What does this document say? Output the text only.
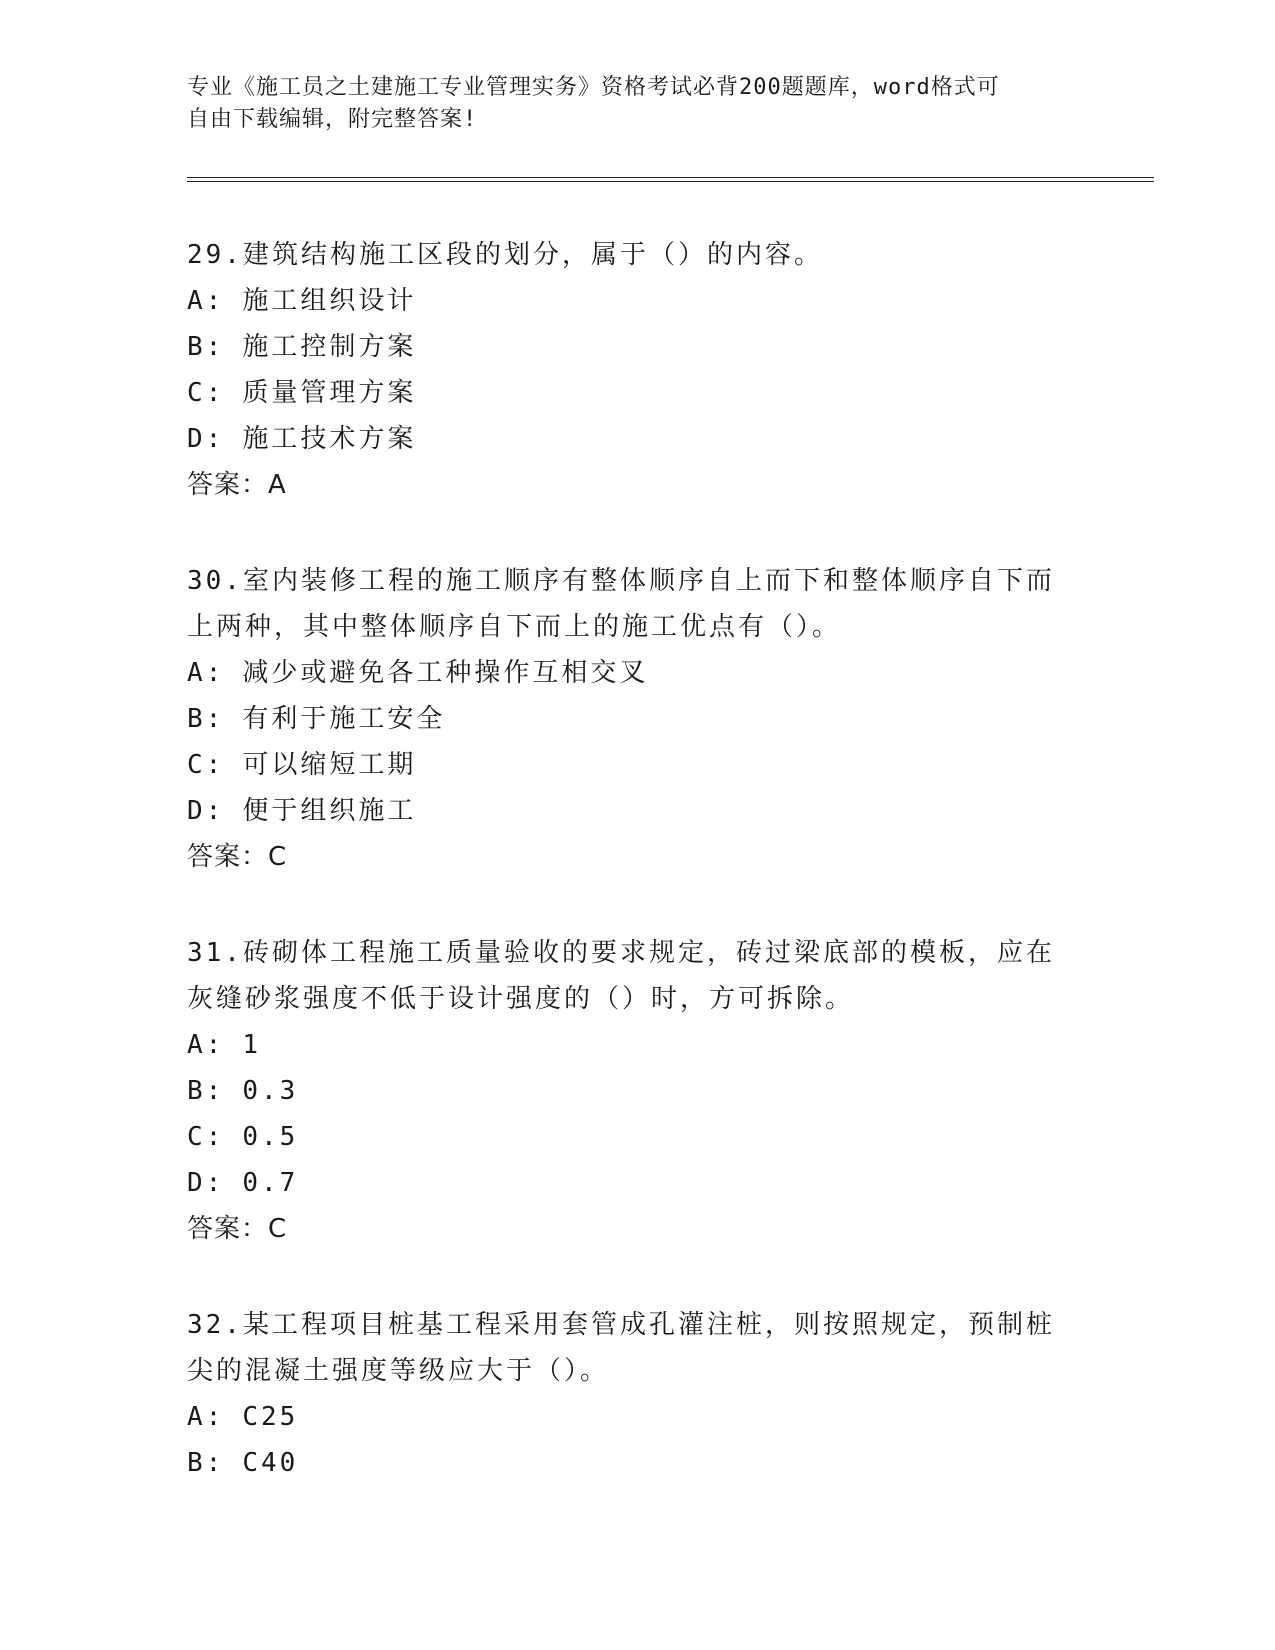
专业《施工员之土建施工专业管理实务》资格考试必背200题题库，word格式可
自由下载编辑，附完整答案!

29.建筑结构施工区段的划分，属于（）的内容。

A: 施工组织设计

B: 施工控制方案

C: 质量管理方案

D: 施工技术方案

答案：A

30.室内装修工程的施工顺序有整体顺序自上而下和整体顺序自下而上两种，其中整体顺序自下而上的施工优点有（）。

A: 减少或避免各工种操作互相交叉

B: 有利于施工安全

C: 可以缩短工期

D: 便于组织施工

答案：C

31.砖砌体工程施工质量验收的要求规定，砖过梁底部的模板，应在灰缝砂浆强度不低于设计强度的（）时，方可拆除。

A: 1

B: 0.3

C: 0.5

D: 0.7

答案：C

32.某工程项目桩基工程采用套管成孔灌注桩，则按照规定，预制桩尖的混凝土强度等级应大于（）。

A: C25

B: C40
